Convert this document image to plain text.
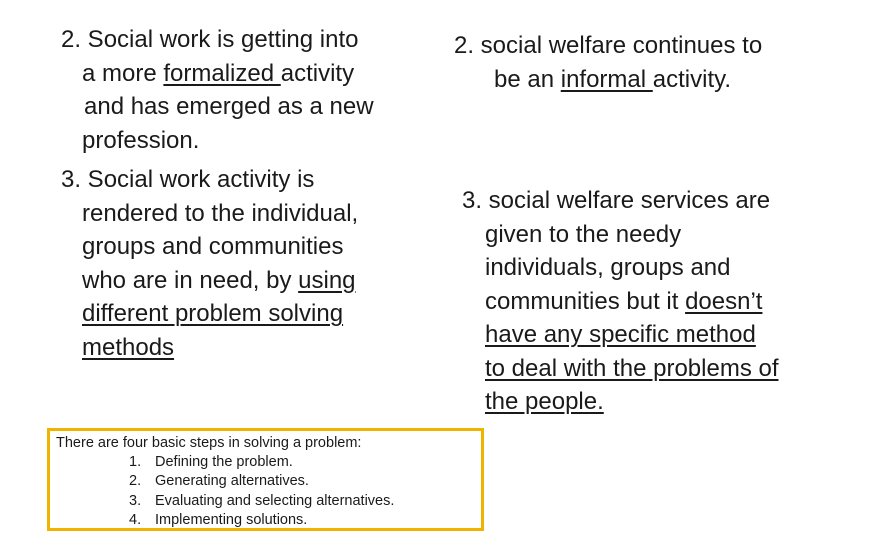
2. Social work is getting into
a more formalized activity
and has emerged as a new
profession.
3. Social work activity is
rendered to the individual,
groups and communities
who are in need, by using
different problem solving
methods
2. social welfare continues to
be an informal activity.
3. social welfare services are
given to the needy
individuals, groups and
communities but it doesn’t
have any specific method
to deal with the problems of
the people.
There are four basic steps in solving a problem:
1. Defining the problem.
2. Generating alternatives.
3. Evaluating and selecting alternatives.
4. Implementing solutions.
